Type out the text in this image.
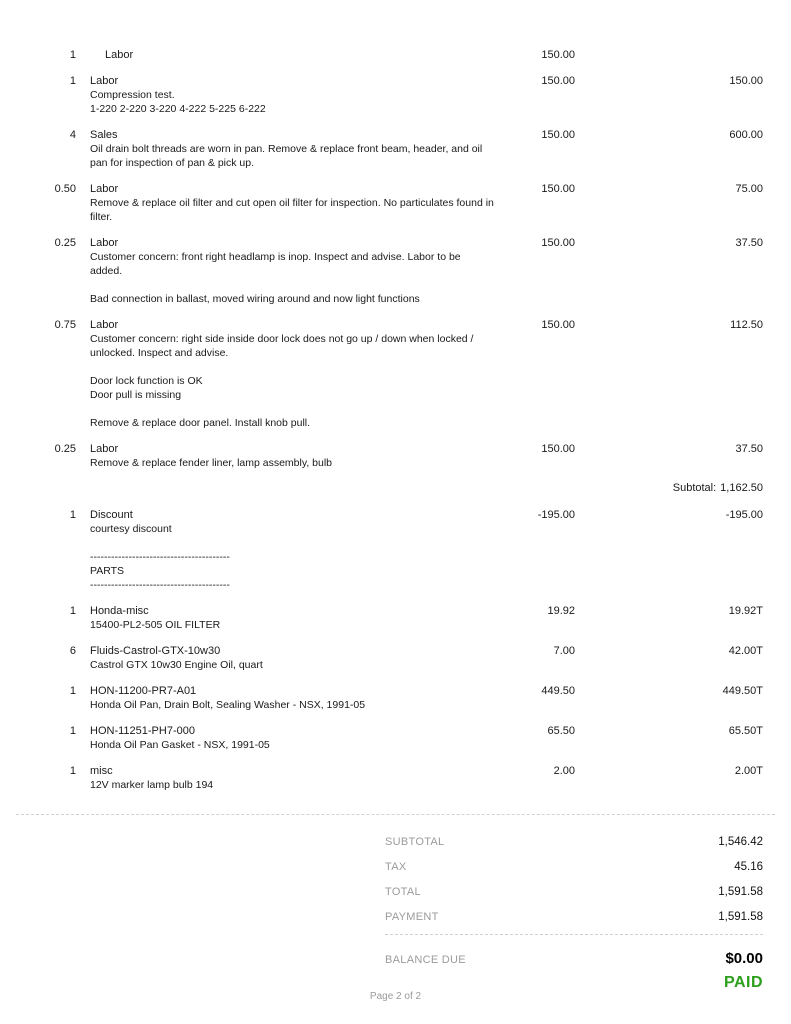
1	Labor	150.00
1 Labor
Compression test.
1-220 2-220 3-220 4-222 5-225 6-222
150.00	150.00
4 Sales
Oil drain bolt threads are worn in pan. Remove & replace front beam, header, and oil
pan for inspection of pan & pick up.
150.00	600.00
0.50 Labor
Remove & replace oil filter and cut open oil filter for inspection. No particulates found in
filter.
150.00	75.00
0.25 Labor
Customer concern: front right headlamp is inop. Inspect and advise. Labor to be
added.

Bad connection in ballast, moved wiring around and now light functions
150.00	37.50
0.75 Labor
Customer concern: right side inside door lock does not go up / down when locked /
unlocked. Inspect and advise.

Door lock function is OK
Door pull is missing

Remove & replace door panel. Install knob pull.
150.00	112.50
0.25 Labor
Remove & replace fender liner, lamp assembly, bulb
150.00	37.50
Subtotal: 1,162.50
1 Discount
courtesy discount

----------------------------------------
PARTS
----------------------------------------
-195.00	-195.00
1 Honda-misc
15400-PL2-505 OIL FILTER
19.92	19.92T
6 Fluids-Castrol-GTX-10w30
Castrol GTX 10w30 Engine Oil, quart
7.00	42.00T
1 HON-11200-PR7-A01
Honda Oil Pan, Drain Bolt, Sealing Washer - NSX, 1991-05
449.50	449.50T
1 HON-11251-PH7-000
Honda Oil Pan Gasket - NSX, 1991-05
65.50	65.50T
1 misc
12V marker lamp bulb 194
2.00	2.00T
SUBTOTAL	1,546.42
TAX	45.16
TOTAL	1,591.58
PAYMENT	1,591.58
BALANCE DUE	$0.00
PAID
Page 2 of 2
